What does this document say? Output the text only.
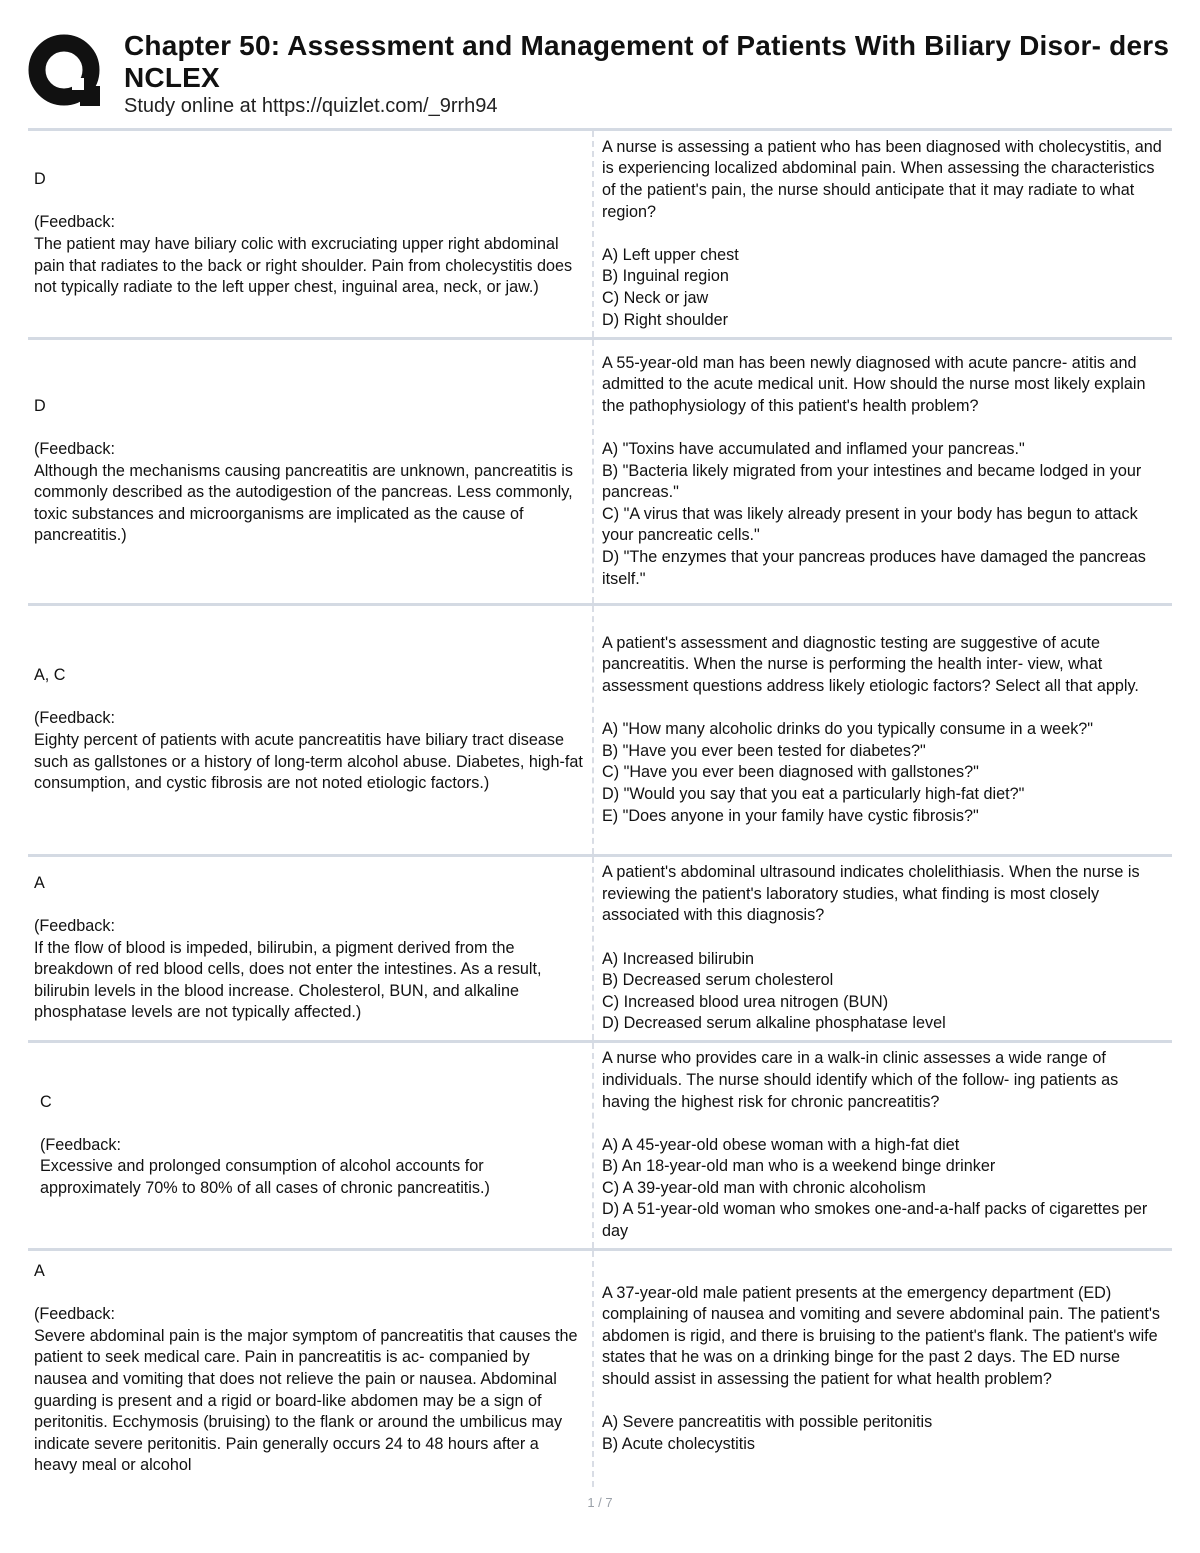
Chapter 50: Assessment and Management of Patients With Biliary Disor- ders NCLEX
Study online at https://quizlet.com/_9rrh94
D
(Feedback:
The patient may have biliary colic with excruciating upper right abdominal pain that radiates to the back or right shoulder. Pain from cholecystitis does not typically radiate to the left upper chest, inguinal area, neck, or jaw.)
A nurse is assessing a patient who has been diagnosed with cholecystitis, and is experiencing localized abdominal pain. When assessing the characteristics of the patient's pain, the nurse should anticipate that it may radiate to what region?
A) Left upper chest
B) Inguinal region
C) Neck or jaw
D) Right shoulder
D
(Feedback:
Although the mechanisms causing pancreatitis are unknown, pancreatitis is commonly described as the autodigestion of the pancreas. Less commonly, toxic substances and microorganisms are implicated as the cause of pancreatitis.)
A 55-year-old man has been newly diagnosed with acute pancre- atitis and admitted to the acute medical unit. How should the nurse most likely explain the pathophysiology of this patient's health problem?
A) "Toxins have accumulated and inflamed your pancreas."
B) "Bacteria likely migrated from your intestines and became lodged in your pancreas."
C) "A virus that was likely already present in your body has begun to attack your pancreatic cells."
D) "The enzymes that your pancreas produces have damaged the pancreas itself."
A, C
(Feedback:
Eighty percent of patients with acute pancreatitis have biliary tract disease such as gallstones or a history of long-term alcohol abuse. Diabetes, high-fat consumption, and cystic fibrosis are not noted etiologic factors.)
A patient's assessment and diagnostic testing are suggestive of acute pancreatitis. When the nurse is performing the health inter- view, what assessment questions address likely etiologic factors? Select all that apply.
A) "How many alcoholic drinks do you typically consume in a week?"
B) "Have you ever been tested for diabetes?"
C) "Have you ever been diagnosed with gallstones?"
D) "Would you say that you eat a particularly high-fat diet?"
E) "Does anyone in your family have cystic fibrosis?"
A
(Feedback:
If the flow of blood is impeded, bilirubin, a pigment derived from the breakdown of red blood cells, does not enter the intestines. As a result, bilirubin levels in the blood increase. Cholesterol, BUN, and alkaline phosphatase levels are not typically affected.)
A patient's abdominal ultrasound indicates cholelithiasis. When the nurse is reviewing the patient's laboratory studies, what finding is most closely associated with this diagnosis?
A) Increased bilirubin
B) Decreased serum cholesterol
C) Increased blood urea nitrogen (BUN)
D) Decreased serum alkaline phosphatase level
C
(Feedback:
Excessive and prolonged consumption of alcohol accounts for approximately 70% to 80% of all cases of chronic pancreatitis.)
A nurse who provides care in a walk-in clinic assesses a wide range of individuals. The nurse should identify which of the follow- ing patients as having the highest risk for chronic pancreatitis?
A) A 45-year-old obese woman with a high-fat diet
B) An 18-year-old man who is a weekend binge drinker
C) A 39-year-old man with chronic alcoholism
D) A 51-year-old woman who smokes one-and-a-half packs of cigarettes per day
A
(Feedback:
Severe abdominal pain is the major symptom of pancreatitis that causes the patient to seek medical care. Pain in pancreatitis is ac- companied by nausea and vomiting that does not relieve the pain or nausea. Abdominal guarding is present and a rigid or board-like abdomen may be a sign of peritonitis. Ecchymosis (bruising) to the flank or around the umbilicus may indicate severe peritonitis. Pain generally occurs 24 to 48 hours after a heavy meal or alcohol
A 37-year-old male patient presents at the emergency department (ED) complaining of nausea and vomiting and severe abdominal pain. The patient's abdomen is rigid, and there is bruising to the patient's flank. The patient's wife states that he was on a drinking binge for the past 2 days. The ED nurse should assist in assessing the patient for what health problem?
A) Severe pancreatitis with possible peritonitis
B) Acute cholecystitis
1 / 7
